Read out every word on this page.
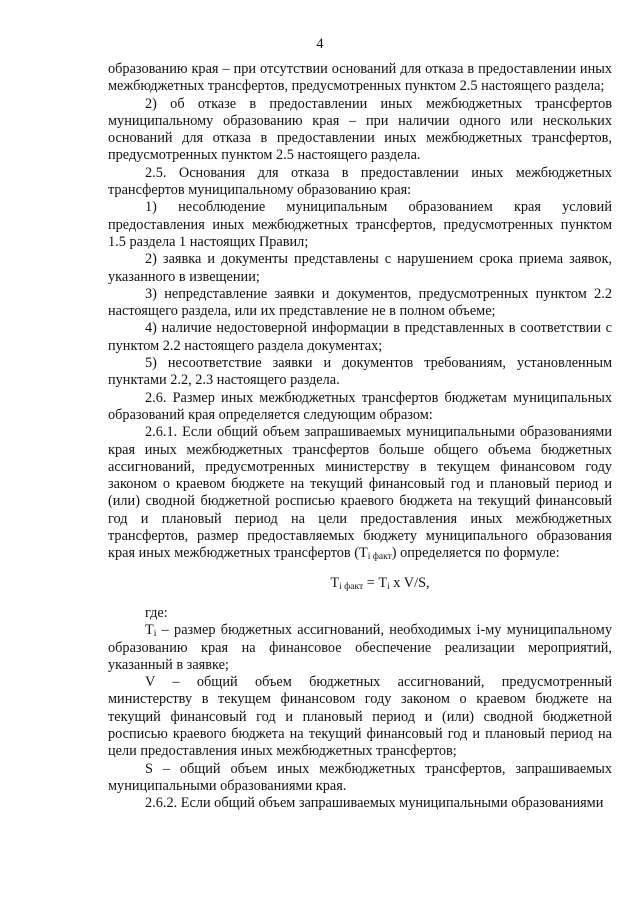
4

образованию края – при отсутствии оснований для отказа в предоставлении иных межбюджетных трансфертов, предусмотренных пунктом 2.5 настоящего раздела;

2) об отказе в предоставлении иных межбюджетных трансфертов муниципальному образованию края – при наличии одного или нескольких оснований для отказа в предоставлении иных межбюджетных трансфертов, предусмотренных пунктом 2.5 настоящего раздела.

2.5. Основания для отказа в предоставлении иных межбюджетных трансфертов муниципальному образованию края:

1) несоблюдение муниципальным образованием края условий предоставления иных межбюджетных трансфертов, предусмотренных пунктом 1.5 раздела 1 настоящих Правил;

2) заявка и документы представлены с нарушением срока приема заявок, указанного в извещении;

3) непредставление заявки и документов, предусмотренных пунктом 2.2 настоящего раздела, или их представление не в полном объеме;

4) наличие недостоверной информации в представленных в соответствии с пунктом 2.2 настоящего раздела документах;

5) несоответствие заявки и документов требованиям, установленным пунктами 2.2, 2.3 настоящего раздела.

2.6. Размер иных межбюджетных трансфертов бюджетам муниципальных образований края определяется следующим образом:

2.6.1. Если общий объем запрашиваемых муниципальными образованиями края иных межбюджетных трансфертов больше общего объема бюджетных ассигнований, предусмотренных министерству в текущем финансовом году законом о краевом бюджете на текущий финансовый год и плановый период и (или) сводной бюджетной росписью краевого бюджета на текущий финансовый год и плановый период на цели предоставления иных межбюджетных трансфертов, размер предоставляемых бюджету муниципального образования края иных межбюджетных трансфертов $(T_{i факт})$ определяется по формуле:

$T_{i факт} = T_i$ x V/S,

где:

$T_i$ – размер бюджетных ассигнований, необходимых i-му муниципальному образованию края на финансовое обеспечение реализации мероприятий, указанный в заявке;

V – общий объем бюджетных ассигнований, предусмотренный министерству в текущем финансовом году законом о краевом бюджете на текущий финансовый год и плановый период и (или) сводной бюджетной росписью краевого бюджета на текущий финансовый год и плановый период на цели предоставления иных межбюджетных трансфертов;

S – общий объем иных межбюджетных трансфертов, запрашиваемых муниципальными образованиями края.

2.6.2. Если общий объем запрашиваемых муниципальными образованиями
